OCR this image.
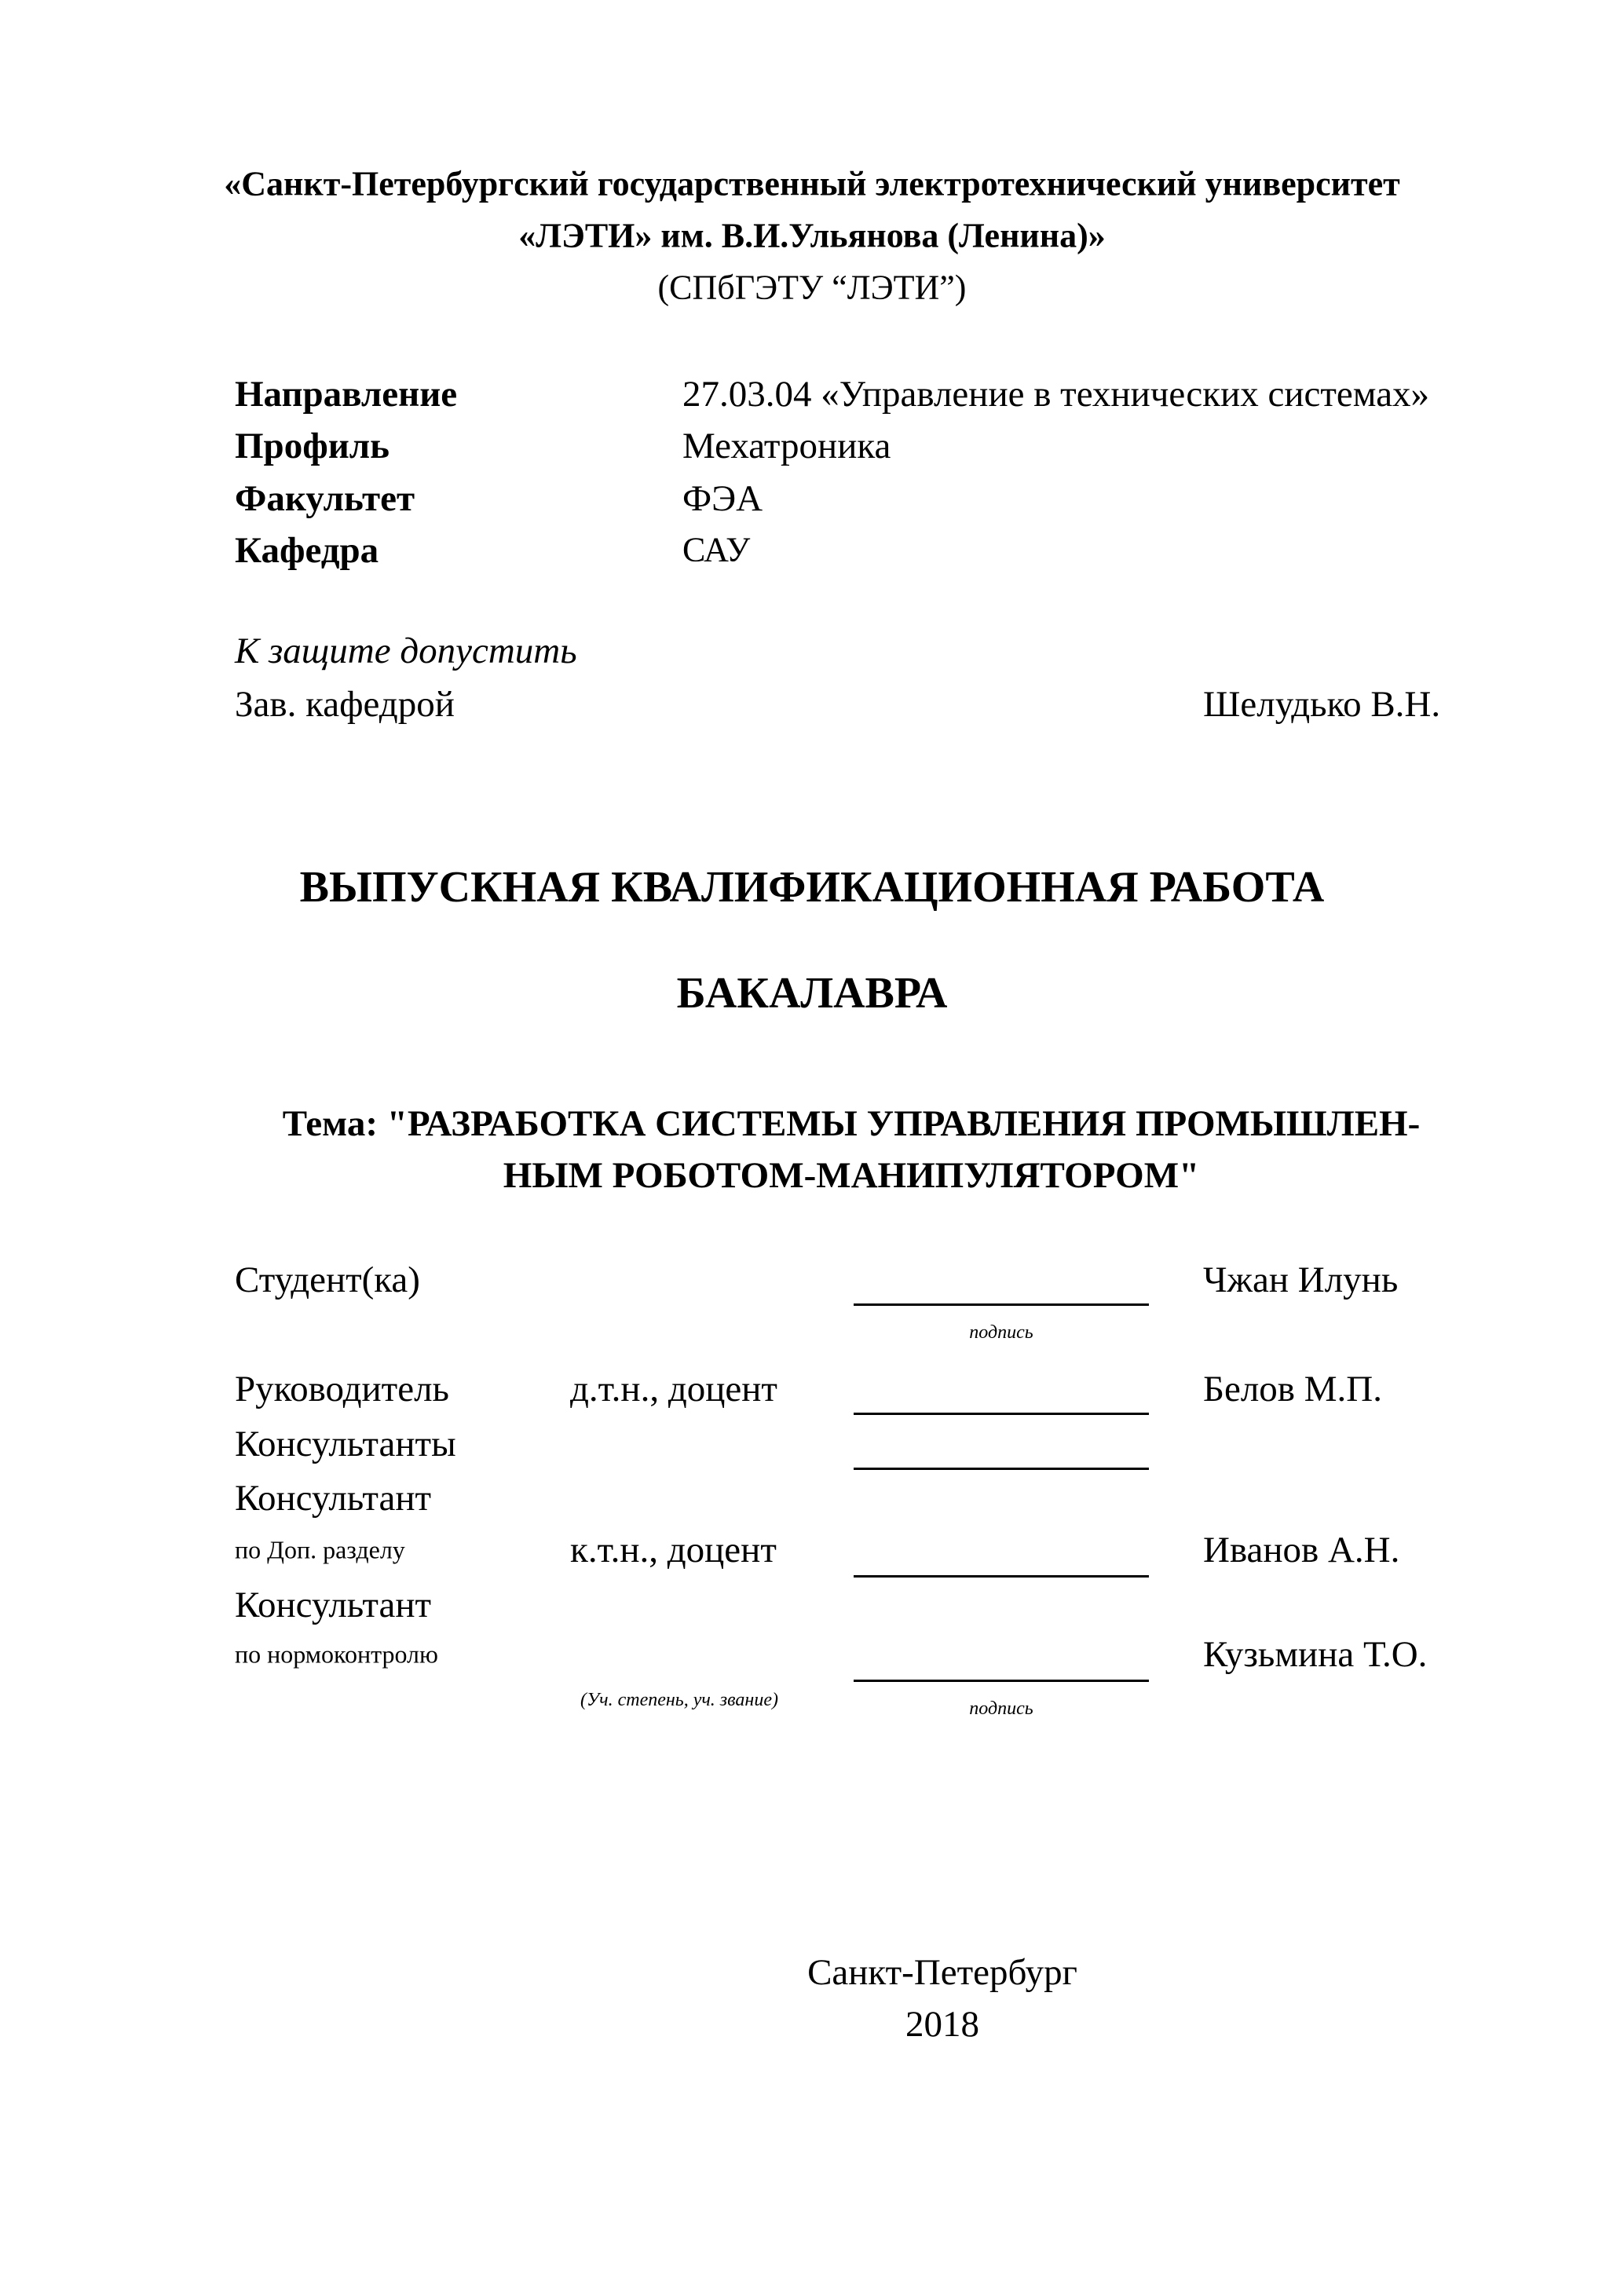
«Санкт-Петербургский государственный электротехнический университет
«ЛЭТИ» им. В.И.Ульянова (Ленина)»
(СПбГЭТУ “ЛЭТИ”)
Направление	27.03.04 «Управление в технических системах»
Профиль	Мехатроника
Факультет	ФЭА
Кафедра	САУ
К защите допустить
Зав. кафедрой	Шелудько В.Н.
ВЫПУСКНАЯ КВАЛИФИКАЦИОННАЯ РАБОТА
БАКАЛАВРА
Тема: "РАЗРАБОТКА СИСТЕМЫ УПРАВЛЕНИЯ ПРОМЫШЛЕН-
НЫМ РОБОТОМ-МАНИПУЛЯТОРОМ"
Студент(ка)	Чжан Илунь
подпись
Руководитель	д.т.н., доцент	Белов М.П.
Консультанты
Консультант
по Доп. разделу	к.т.н., доцент	Иванов А.Н.
Консультант
по нормоконтролю	Кузьмина Т.О.
(Уч. степень, уч. звание)	подпись
Санкт-Петербург
2018
